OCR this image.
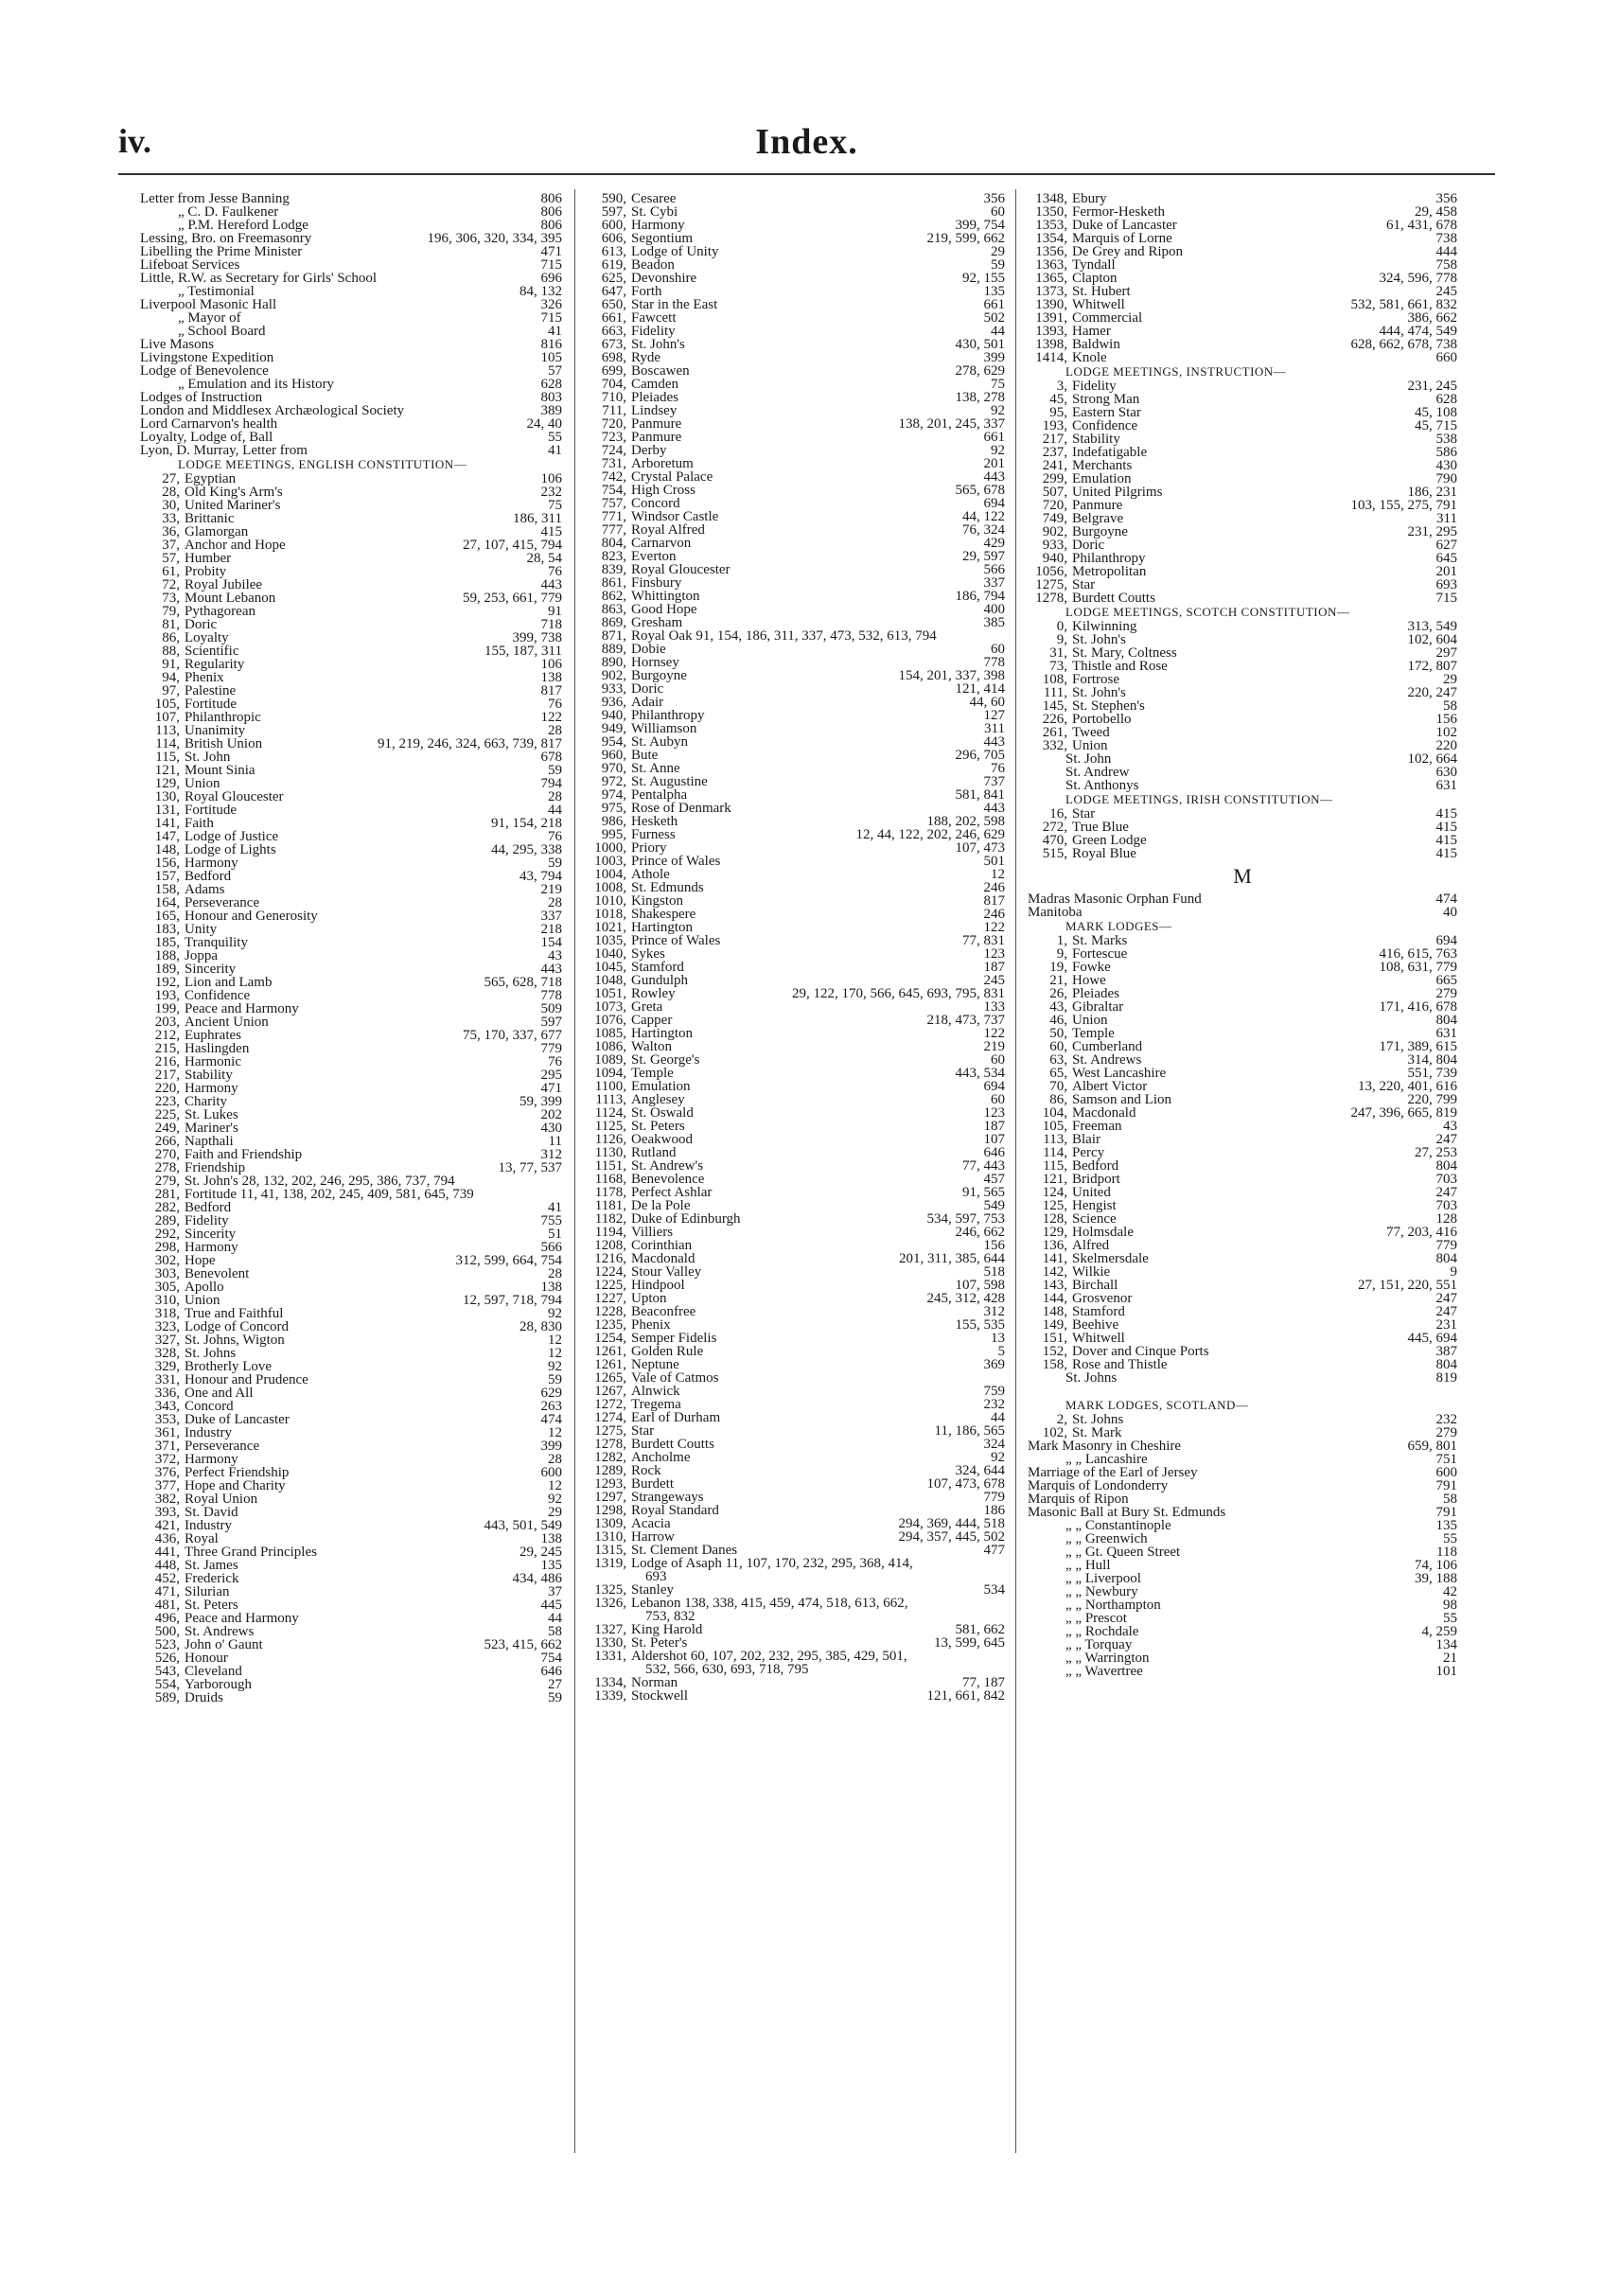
iv.	Index.
Letter from Jesse Banning	806
„ C. D. Faulkener	806
„ P.M. Hereford Lodge	806
Lessing, Bro. on Freemasonry	196, 306, 320, 334, 395
Libelling the Prime Minister	471
Lifeboat Services	715
Little, R.W. as Secretary for Girls' School	696
„ Testimonial	84, 132
Liverpool Masonic Hall	326
„ Mayor of	715
„ School Board	41
Live Masons	816
Livingstone Expedition	105
Lodge of Benevolence	57
„ Emulation and its History	628
Lodges of Instruction	803
London and Middlesex Archæological Society	389
Lord Carnarvon's health	24, 40
Loyalty, Lodge of, Ball	55
Lyon, D. Murray, Letter from	41
LODGE MEETINGS, ENGLISH CONSTITUTION—
27, Egyptian	106
28, Old King's Arm's	232
30, United Mariner's	75
33, Brittanic	186, 311
36, Glamorgan	415
37, Anchor and Hope	27, 107, 415, 794
57, Humber	28, 54
61, Probity	76
72, Royal Jubilee	443
73, Mount Lebanon	59, 253, 661, 779
79, Pythagorean	91
81, Doric	718
86, Loyalty	399, 738
88, Scientific	155, 187, 311
91, Regularity	106
94, Phenix	138
97, Palestine	817
105, Fortitude	76
107, Philanthropic	122
113, Unanimity	28
114, British Union	91, 219, 246, 324, 663, 739, 817
115, St. John	678
121, Mount Sinia	59
129, Union	794
130, Royal Gloucester	28
131, Fortitude	44
141, Faith	91, 154, 218
147, Lodge of Justice	76
148, Lodge of Lights	44, 295, 338
156, Harmony	59
157, Bedford	43, 794
158, Adams	219
164, Perseverance	28
165, Honour and Generosity	337
183, Unity	218
185, Tranquility	154
188, Joppa	43
189, Sincerity	443
192, Lion and Lamb	565, 628, 718
193, Confidence	778
199, Peace and Harmony	509
203, Ancient Union	597
212, Euphrates	75, 170, 337, 677
215, Haslingden	779
216, Harmonic	76
217, Stability	295
220, Harmony	471
223, Charity	59, 399
225, St. Lukes	202
249, Mariner's	430
266, Napthali	11
270, Faith and Friendship	312
278, Friendship	13, 77, 537
279, St. John's 28, 132, 202, 246, 295, 386, 737, 794
281, Fortitude 11, 41, 138, 202, 245, 409, 581, 645, 739
282, Bedford	41
289, Fidelity	755
292, Sincerity	51
298, Harmony	566
302, Hope	312, 599, 664, 754
303, Benevolent	28
305, Apollo	138
310, Union	12, 597, 718, 794
318, True and Faithful	92
323, Lodge of Concord	28, 830
327, St. Johns, Wigton	12
328, St. Johns	12
329, Brotherly Love	92
331, Honour and Prudence	59
336, One and All	629
343, Concord	263
353, Duke of Lancaster	474
361, Industry	12
371, Perseverance	399
372, Harmony	28
376, Perfect Friendship	600
377, Hope and Charity	12
382, Royal Union	92
393, St. David	29
421, Industry	443, 501, 549
436, Royal	138
441, Three Grand Principles	29, 245
448, St. James	135
452, Frederick	434, 486
471, Silurian	37
481, St. Peters	445
496, Peace and Harmony	44
500, St. Andrews	58
523, John o' Gaunt	523, 415, 662
526, Honour	754
543, Cleveland	646
554, Yarborough	27
589, Druids	59
590, Cesaree	356
597, St. Cybi	60
600, Harmony	399, 754
606, Segontium	219, 599, 662
613, Lodge of Unity	29
619, Beadon	59
625, Devonshire	92, 155
647, Forth	135
650, Star in the East	661
661, Fawcett	502
663, Fidelity	44
673, St. John's	430, 501
698, Ryde	399
699, Boscawen	278, 629
704, Camden	75
710, Pleiades	138, 278
711, Lindsey	92
720, Panmure	138, 201, 245, 337
723, Panmure	661
724, Derby	92
731, Arboretum	201
742, Crystal Palace	443
754, High Cross	565, 678
757, Concord	694
771, Windsor Castle	44, 122
777, Royal Alfred	76, 324
804, Carnarvon	429
823, Everton	29, 597
839, Royal Gloucester	566
861, Finsbury	337
862, Whittington	186, 794
863, Good Hope	400
869, Gresham	385
871, Royal Oak 91, 154, 186, 311, 337, 473, 532, 613, 794
889, Dobie	60
890, Hornsey	778
902, Burgoyne	154, 201, 337, 398
933, Doric	121, 414
936, Adair	44, 60
940, Philanthropy	127
949, Williamson	311
954, St. Aubyn	443
960, Bute	296, 705
970, St. Anne	76
972, St. Augustine	737
974, Pentalpha	581, 841
975, Rose of Denmark	443
986, Hesketh	188, 202, 598
995, Furness	12, 44, 122, 202, 246, 629
1000, Priory	107, 473
1003, Prince of Wales	501
1004, Athole	12
1008, St. Edmunds	246
1010, Kingston	817
1018, Shakespere	246
1021, Hartington	122
1035, Prince of Wales	77, 831
1040, Sykes	123
1045, Stamford	187
1048, Gundulph	245
1051, Rowley	29, 122, 170, 566, 645, 693, 795, 831
1073, Greta	133
1076, Capper	218, 473, 737
1085, Hartington	122
1086, Walton	219
1089, St. George's	60
1094, Temple	443, 534
1100, Emulation	694
1113, Anglesey	60
1124, St. Oswald	123
1125, St. Peters	187
1126, Oeakwood	107
1130, Rutland	646
1151, St. Andrew's	77, 443
1168, Benevolence	457
1178, Perfect Ashlar	91, 565
1181, De la Pole	549
1182, Duke of Edinburgh	534, 597, 753
1194, Villiers	246, 662
1208, Corinthian	156
1216, Macdonald	201, 311, 385, 644
1224, Stour Valley	518
1225, Hindpool	107, 598
1227, Upton	245, 312, 428
1228, Beaconfree	312
1235, Phenix	155, 535
1254, Semper Fidelis	13
1261, Golden Rule	5
1261, Neptune	369
1265, Vale of Catmos
1267, Alnwick	759
1272, Tregema	232
1274, Earl of Durham	44
1275, Star	11, 186, 565
1278, Burdett Coutts	324
1282, Ancholme	92
1289, Rock	324, 644
1293, Burdett	107, 473, 678
1297, Strangeways	779
1298, Royal Standard	186
1309, Acacia	294, 369, 444, 518
1310, Harrow	294, 357, 445, 502
1315, St. Clement Danes	477
1319, Lodge of Asaph 11, 107, 170, 232, 295, 368, 414,
693
1325, Stanley	534
1326, Lebanon 138, 338, 415, 459, 474, 518, 613, 662,
753, 832
1327, King Harold	581, 662
1330, St. Peter's	13, 599, 645
1331, Aldershot 60, 107, 202, 232, 295, 385, 429, 501,
532, 566, 630, 693, 718, 795
1334, Norman	77, 187
1339, Stockwell	121, 661, 842
1348, Ebury	356
1350, Fermor-Hesketh	29, 458
1353, Duke of Lancaster	61, 431, 678
1354, Marquis of Lorne	738
1356, De Grey and Ripon	444
1363, Tyndall	758
1365, Clapton	324, 596, 778
1373, St. Hubert	245
1390, Whitwell	532, 581, 661, 832
1391, Commercial	386, 662
1393, Hamer	444, 474, 549
1398, Baldwin	628, 662, 678, 738
1414, Knole	660
LODGE MEETINGS, INSTRUCTION—
3, Fidelity	231, 245
45, Strong Man	628
95, Eastern Star	45, 108
193, Confidence	45, 715
217, Stability	538
237, Indefatigable	586
241, Merchants	430
299, Emulation	790
507, United Pilgrims	186, 231
720, Panmure	103, 155, 275, 791
749, Belgrave	311
902, Burgoyne	231, 295
933, Doric	627
940, Philanthropy	645
1056, Metropolitan	201
1275, Star	693
1278, Burdett Coutts	715
LODGE MEETINGS, SCOTCH CONSTITUTION—
0, Kilwinning	313, 549
9, St. John's	102, 604
31, St. Mary, Coltness	297
73, Thistle and Rose	172, 807
108, Fortrose	29
111, St. John's	220, 247
145, St. Stephen's	58
226, Portobello	156
261, Tweed	102
332, Union	220
St. John	102, 664
St. Andrew	630
St. Anthonys	631
LODGE MEETINGS, IRISH CONSTITUTION—
16, Star	415
272, True Blue	415
470, Green Lodge	415
515, Royal Blue	415
M
Madras Masonic Orphan Fund	474
Manitoba	40
MARK LODGES—
1, St. Marks	694
9, Fortescue	416, 615, 763
19, Fowke	108, 631, 779
21, Howe	665
26, Pleiades	279
43, Gibraltar	171, 416, 678
46, Union	804
50, Temple	631
60, Cumberland	171, 389, 615
63, St. Andrews	314, 804
65, West Lancashire	551, 739
70, Albert Victor	13, 220, 401, 616
86, Samson and Lion	220, 799
104, Macdonald	247, 396, 665, 819
105, Freeman	43
113, Blair	247
114, Percy	27, 253
115, Bedford	804
121, Bridport	703
124, United	247
125, Hengist	703
128, Science	128
129, Holmsdale	77, 203, 416
136, Alfred	779
141, Skelmersdale	804
142, Wilkie	9
143, Birchall	27, 151, 220, 551
144, Grosvenor	247
148, Stamford	247
149, Beehive	231
151, Whitwell	445, 694
152, Dover and Cinque Ports	387
158, Rose and Thistle	804
St. Johns	819
MARK LODGES, SCOTLAND—
2, St. Johns	232
102, St. Mark	279
Mark Masonry in Cheshire	659, 801
„ „ Lancashire	751
Marriage of the Earl of Jersey	600
Marquis of Londonderry	791
Marquis of Ripon	58
Masonic Ball at Bury St. Edmunds	791
„ „ Constantinople	135
„ „ Greenwich	55
„ „ Gt. Queen Street	118
„ „ Hull	74, 106
„ „ Liverpool	39, 188
„ „ Newbury	42
„ „ Northampton	98
„ „ Prescot	55
„ „ Rochdale	4, 259
„ „ Torquay	134
„ „ Warrington	21
„ „ Wavertree	101
